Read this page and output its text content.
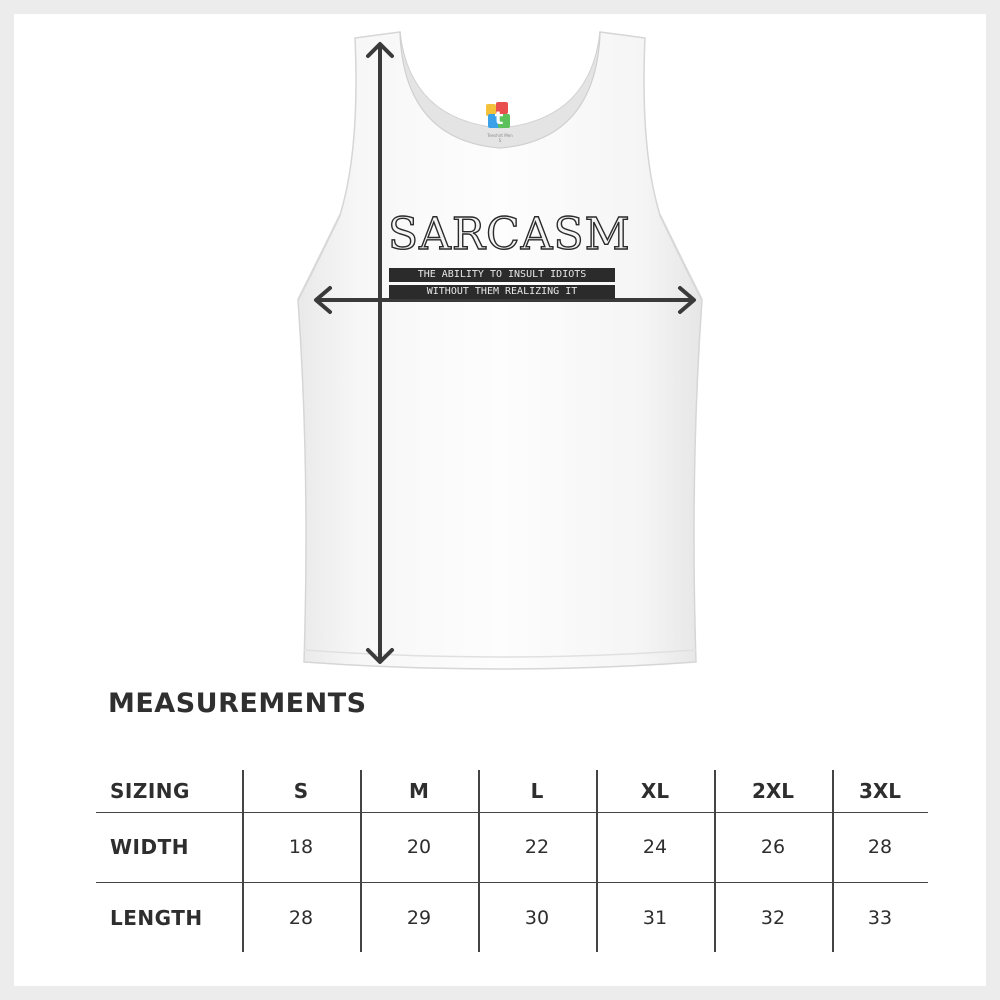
t
Teeshirt Men S
SARCASM
THE ABILITY TO INSULT IDIOTS
WITHOUT THEM REALIZING IT
MEASUREMENTS
SIZING	S	M	L	XL	2XL	3XL
WIDTH	18	20	22	24	26	28
LENGTH	28	29	30	31	32	33
